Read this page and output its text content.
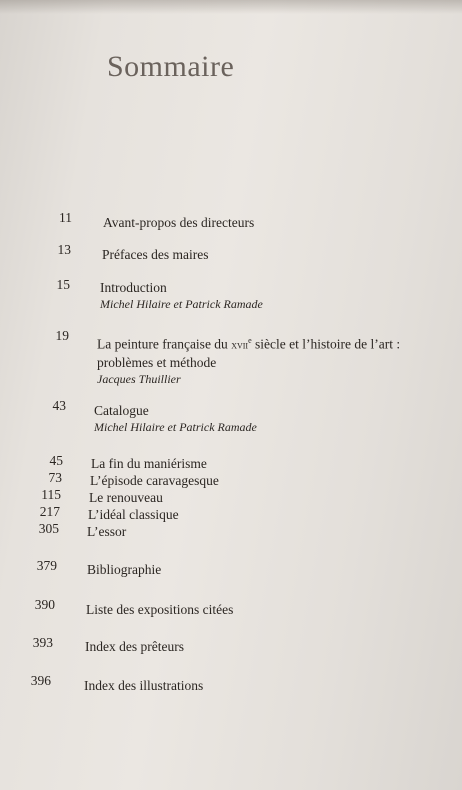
Sommaire
11 Avant-propos des directeurs
13 Préfaces des maires
15 Introduction
Michel Hilaire et Patrick Ramade
19
La peinture française du xvii$^e$ siècle et l’histoire de l’art :
problèmes et méthode
Jacques Thuillier
43 Catalogue
Michel Hilaire et Patrick Ramade
45 La fin du maniérisme
73 L’épisode caravagesque
115 Le renouveau
217 L’idéal classique
305 L’essor
379 Bibliographie
390 Liste des expositions citées
393 Index des prêteurs
396 Index des illustrations
